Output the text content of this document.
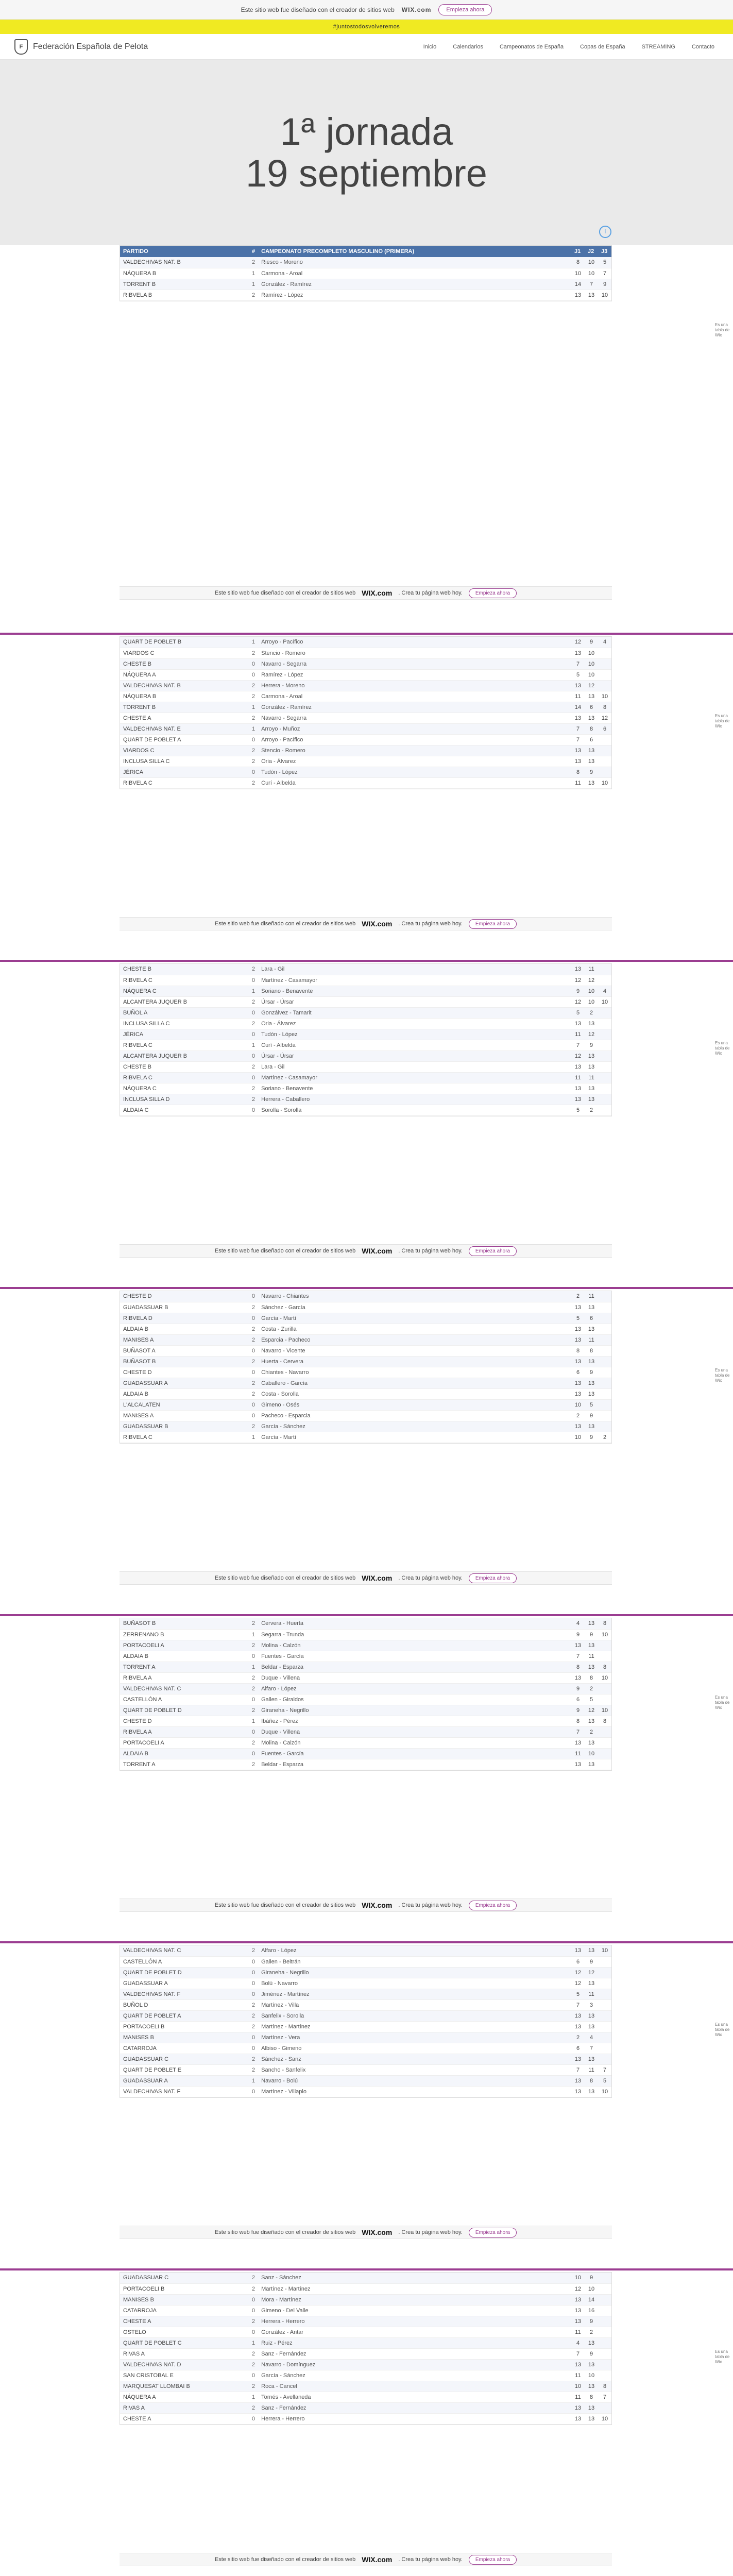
Este sitio web fue diseñado con el creador de sitios web WIX.com	Empieza ahora
#juntostodosvolveremos
F	Federación Española de Pelota	Inicio	Calendarios	Campeonatos de España	Copas de España	STREAMING	Contacto
1ª jornada
19 septiembre
i
PARTIDO	#	CAMPEONATO PRECOMPLETO MASCULINO (PRIMERA)	J1	J2	J3
VALDECHIVAS NAT. B	2	Riesco - Moreno	8	10	5
NÁQUERA B	1	Carmona - Aroal	10	10	7
TORRENT B	1	González - Ramírez	14	7	9
RIBVELA B	2	Ramírez - López	13	13	10
Es una tabla de Wix
Este sitio web fue diseñado con el creador de sitios web WIX.com . Crea tu página web hoy.	Empieza ahora
QUART DE POBLET B	1	Arroyo - Pacífico	12	9	4
VIARDOS C	2	Stencio - Romero	13	10	
CHESTE B	0	Navarro - Segarra	7	10	
NÁQUERA A	0	Ramírez - López	5	10	
VALDECHIVAS NAT. B	2	Herrera - Moreno	13	12	
NÁQUERA B	2	Carmona - Aroal	11	13	10
TORRENT B	1	González - Ramírez	14	6	8
CHESTE A	2	Navarro - Segarra	13	13	12
VALDECHIVAS NAT. E	1	Arroyo - Muñoz	7	8	6
QUART DE POBLET A	0	Arroyo - Pacífico	7	6	
VIARDOS C	2	Stencio - Romero	13	13	
INCLUSA SILLA C	2	Oria - Álvarez	13	13	
JÉRICA	0	Tudón - López	8	9	
RIBVELA C	2	Curí - Albelda	11	13	10
Es una tabla de Wix
Este sitio web fue diseñado con el creador de sitios web WIX.com . Crea tu página web hoy.	Empieza ahora
CHESTE B	2	Lara - Gil	13	11	
RIBVELA C	0	Martínez - Casamayor	12	12	
NÁQUERA C	1	Soriano - Benavente	9	10	4
ALCANTERA JUQUER B	2	Úrsar - Úrsar	12	10	10
BUÑOL A	0	Gonzálvez - Tamarit	5	2	
INCLUSA SILLA C	2	Oria - Álvarez	13	13	
JÉRICA	0	Tudón - López	11	12	
RIBVELA C	1	Curí - Albelda	7	9	
ALCANTERA JUQUER B	0	Úrsar - Úrsar	12	13	
CHESTE B	2	Lara - Gil	13	13	
RIBVELA C	0	Martínez - Casamayor	11	11	
NÁQUERA C	2	Soriano - Benavente	13	13	
INCLUSA SILLA D	2	Herrera - Caballero	13	13	
ALDAIA C	0	Sorolla - Sorolla	5	2	
Es una tabla de Wix
Este sitio web fue diseñado con el creador de sitios web WIX.com . Crea tu página web hoy.	Empieza ahora
CHESTE D	0	Navarro - Chiantes	2	11	
GUADASSUAR B	2	Sánchez - García	13	13	
RIBVELA D	0	García - Martí	5	6	
ALDAIA B	2	Costa - Zurilla	13	13	
MANISES A	2	Esparcia - Pacheco	13	11	
BUÑASOT A	0	Navarro - Vicente	8	8	
BUÑASOT B	2	Huerta - Cervera	13	13	
CHESTE D	0	Chiantes - Navarro	6	9	
GUADASSUAR A	2	Caballero - García	13	13	
ALDAIA B	2	Costa - Sorolla	13	13	
L'ALCALATEN	0	Gimeno - Osés	10	5	
MANISES A	0	Pacheco - Esparcia	2	9	
GUADASSUAR B	2	García - Sánchez	13	13	
RIBVELA C	1	García - Martí	10	9	2
Es una tabla de Wix
Este sitio web fue diseñado con el creador de sitios web WIX.com . Crea tu página web hoy.	Empieza ahora
BUÑASOT B	2	Cervera - Huerta	4	13	8
ZERRENANO B	1	Segarra - Trunda	9	9	10
PORTACOELI A	2	Molina - Calzón	13	13	
ALDAIA B	0	Fuentes - García	7	11	
TORRENT A	1	Beldar - Esparza	8	13	8
RIBVELA A	2	Duque - Villena	13	8	10
VALDECHIVAS NAT. C	2	Alfaro - López	9	2	
CASTELLÓN A	0	Gallen - Giraldos	6	5	
QUART DE POBLET D	2	Giraneha - Negrillo	9	12	10
CHESTE D	1	Ibáñez - Pérez	8	13	8
RIBVELA A	0	Duque - Villena	7	2	
PORTACOELI A	2	Molina - Calzón	13	13	
ALDAIA B	0	Fuentes - García	11	10	
TORRENT A	2	Beldar - Esparza	13	13	
Es una tabla de Wix
Este sitio web fue diseñado con el creador de sitios web WIX.com . Crea tu página web hoy.	Empieza ahora
VALDECHIVAS NAT. C	2	Alfaro - López	13	13	10
CASTELLÓN A	0	Gallen - Beltrán	6	9	
QUART DE POBLET D	0	Giraneha - Negrillo	12	12	
GUADASSUAR A	0	Bolú - Navarro	12	13	
VALDECHIVAS NAT. F	0	Jiménez - Martínez	5	11	
BUÑOL D	2	Martínez - Villa	7	3	
QUART DE POBLET A	2	Sanfelix - Sorolla	13	13	
PORTACOELI B	2	Martínez - Martínez	13	13	
MANISES B	0	Martínez - Vera	2	4	
CATARROJA	0	Albiso - Gimeno	6	7	
GUADASSUAR C	2	Sánchez - Sanz	13	13	
QUART DE POBLET E	2	Sancho - Sanfelix	7	11	7
GUADASSUAR A	1	Navarro - Bolú	13	8	5
VALDECHIVAS NAT. F	0	Martínez - Villaplo	13	13	10
Es una tabla de Wix
Este sitio web fue diseñado con el creador de sitios web WIX.com . Crea tu página web hoy.	Empieza ahora
GUADASSUAR C	2	Sanz - Sánchez	10	9	
PORTACOELI B	2	Martínez - Martínez	12	10	
MANISES B	0	Mora - Martínez	13	14	
CATARROJA	0	Gimeno - Del Valle	13	16	
CHESTE A	2	Herrera - Herrero	13	9	
OSTELO	0	González - Antar	11	2	
QUART DE POBLET C	1	Ruiz - Pérez	4	13	
RIVAS A	2	Sanz - Fernández	7	9	
VALDECHIVAS NAT. D	2	Navarro - Domínguez	13	13	
SAN CRISTOBAL E	0	García - Sánchez	11	10	
MARQUESAT LLOMBAI B	2	Roca - Cancel	10	13	8
NÁQUERA A	1	Tornés - Avellaneda	11	8	7
RIVAS A	2	Sanz - Fernández	13	13	
CHESTE A	0	Herrera - Herrero	13	13	10
Es una tabla de Wix
Este sitio web fue diseñado con el creador de sitios web WIX.com . Crea tu página web hoy.	Empieza ahora
